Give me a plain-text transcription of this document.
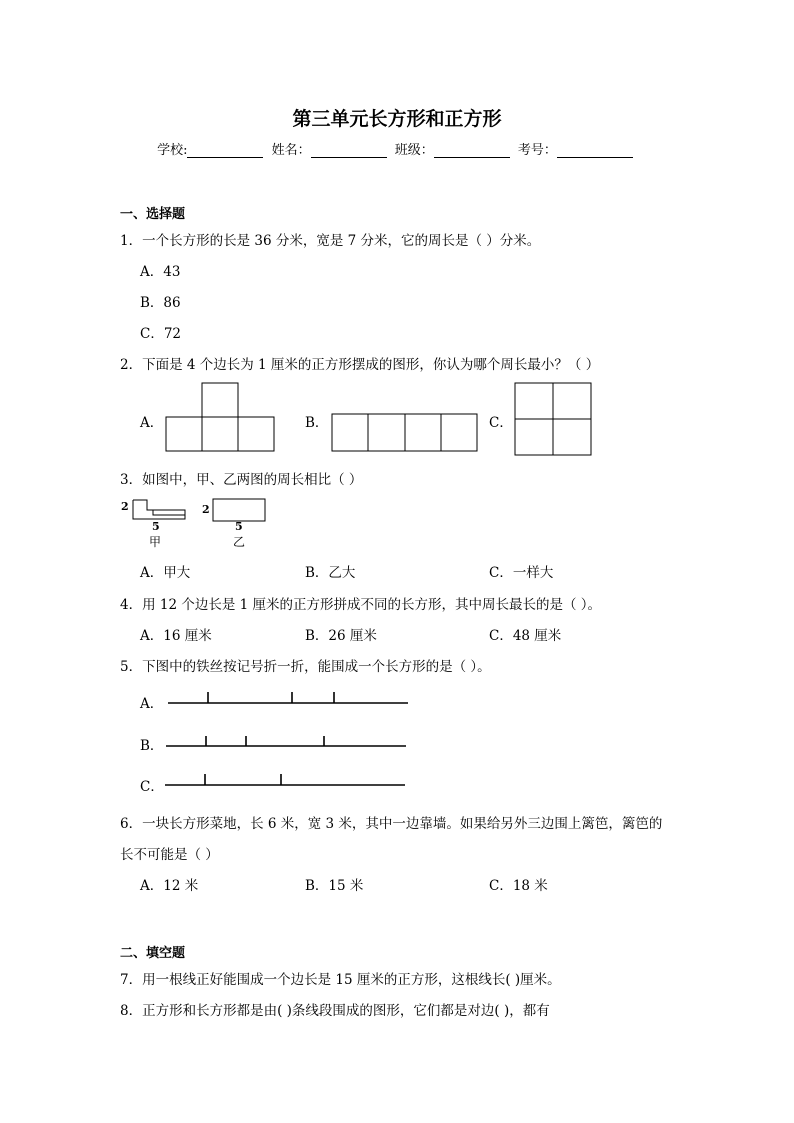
第三单元长方形和正方形
学校:	姓名：	班级：	考号：
一、选择题
1．一个长方形的长是 36 分米，宽是 7 分米，它的周长是（ ）分米。
A．43
B．86
C．72
2．下面是 4 个边长为 1 厘米的正方形摆成的图形，你认为哪个周长最小？（ ）
A．	B．	C．
3．如图中，甲、乙两图的周长相比（ ）
2
5
甲
2
5
乙
A．甲大	B．乙大	C．一样大
4．用 12 个边长是 1 厘米的正方形拼成不同的长方形，其中周长最长的是（ ）。
A．16 厘米	B．26 厘米	C．48 厘米
5．下图中的铁丝按记号折一折，能围成一个长方形的是（ ）。
A．
B．
C．
6．一块长方形菜地，长 6 米，宽 3 米，其中一边靠墙。如果给另外三边围上篱笆，篱笆的
长不可能是（ ）
A．12 米	B．15 米	C．18 米
二、填空题
7．用一根线正好能围成一个边长是 15 厘米的正方形，这根线长( )厘米。
8．正方形和长方形都是由( )条线段围成的图形，它们都是对边( )，都有
